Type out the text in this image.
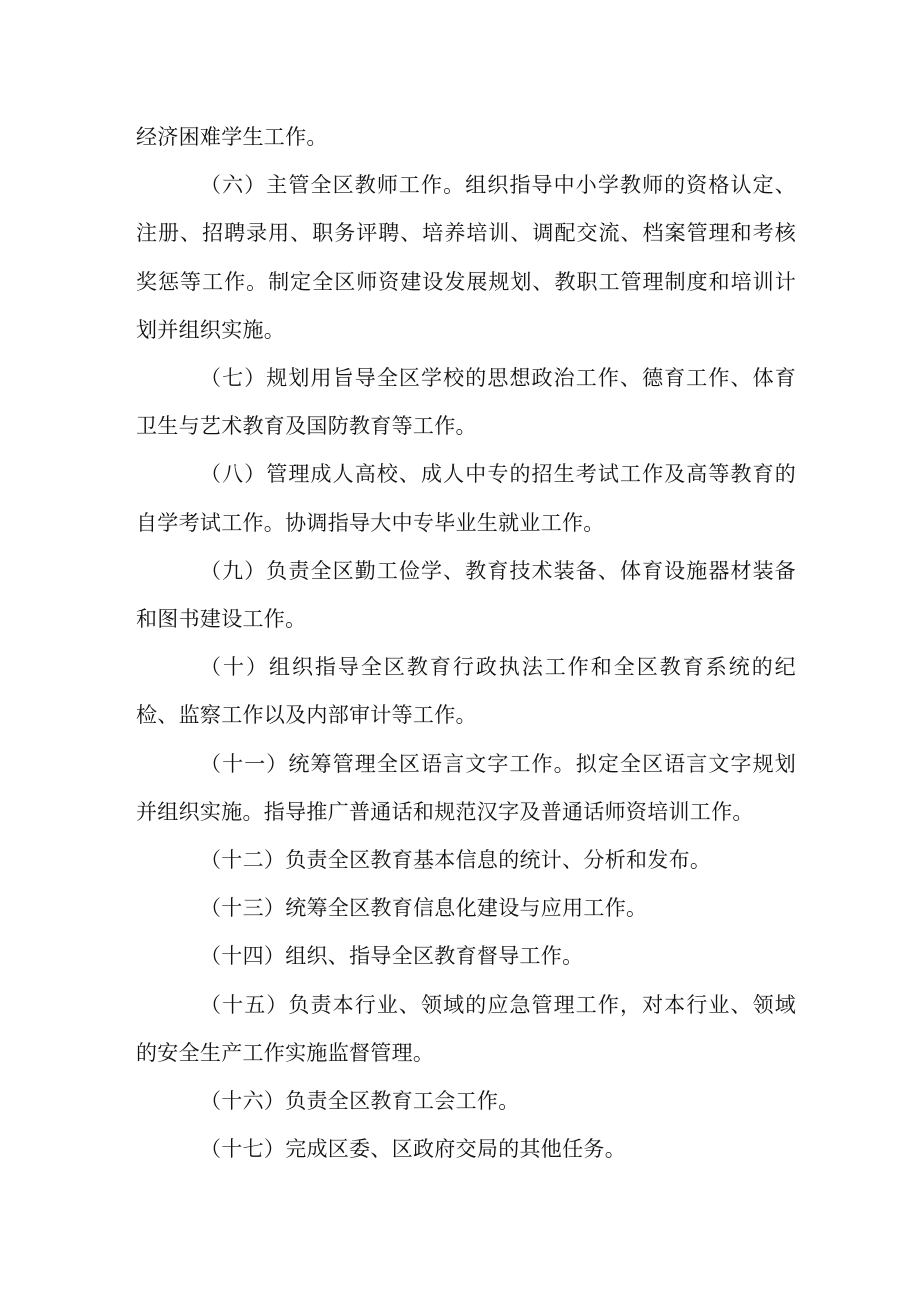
经济困难学生工作。

（六）主管全区教师工作。组织指导中小学教师的资格认定、注册、招聘录用、职务评聘、培养培训、调配交流、档案管理和考核奖惩等工作。制定全区师资建设发展规划、教职工管理制度和培训计划并组织实施。

（七）规划用旨导全区学校的思想政治工作、德育工作、体育卫生与艺术教育及国防教育等工作。

（八）管理成人高校、成人中专的招生考试工作及高等教育的自学考试工作。协调指导大中专毕业生就业工作。

（九）负责全区勤工俭学、教育技术装备、体育设施器材装备和图书建设工作。

（十）组织指导全区教育行政执法工作和全区教育系统的纪检、监察工作以及内部审计等工作。

（十一）统筹管理全区语言文字工作。拟定全区语言文字规划并组织实施。指导推广普通话和规范汉字及普通话师资培训工作。

（十二）负责全区教育基本信息的统计、分析和发布。

（十三）统筹全区教育信息化建设与应用工作。

（十四）组织、指导全区教育督导工作。

（十五）负责本行业、领域的应急管理工作，对本行业、领域的安全生产工作实施监督管理。

（十六）负责全区教育工会工作。

（十七）完成区委、区政府交局的其他任务。
